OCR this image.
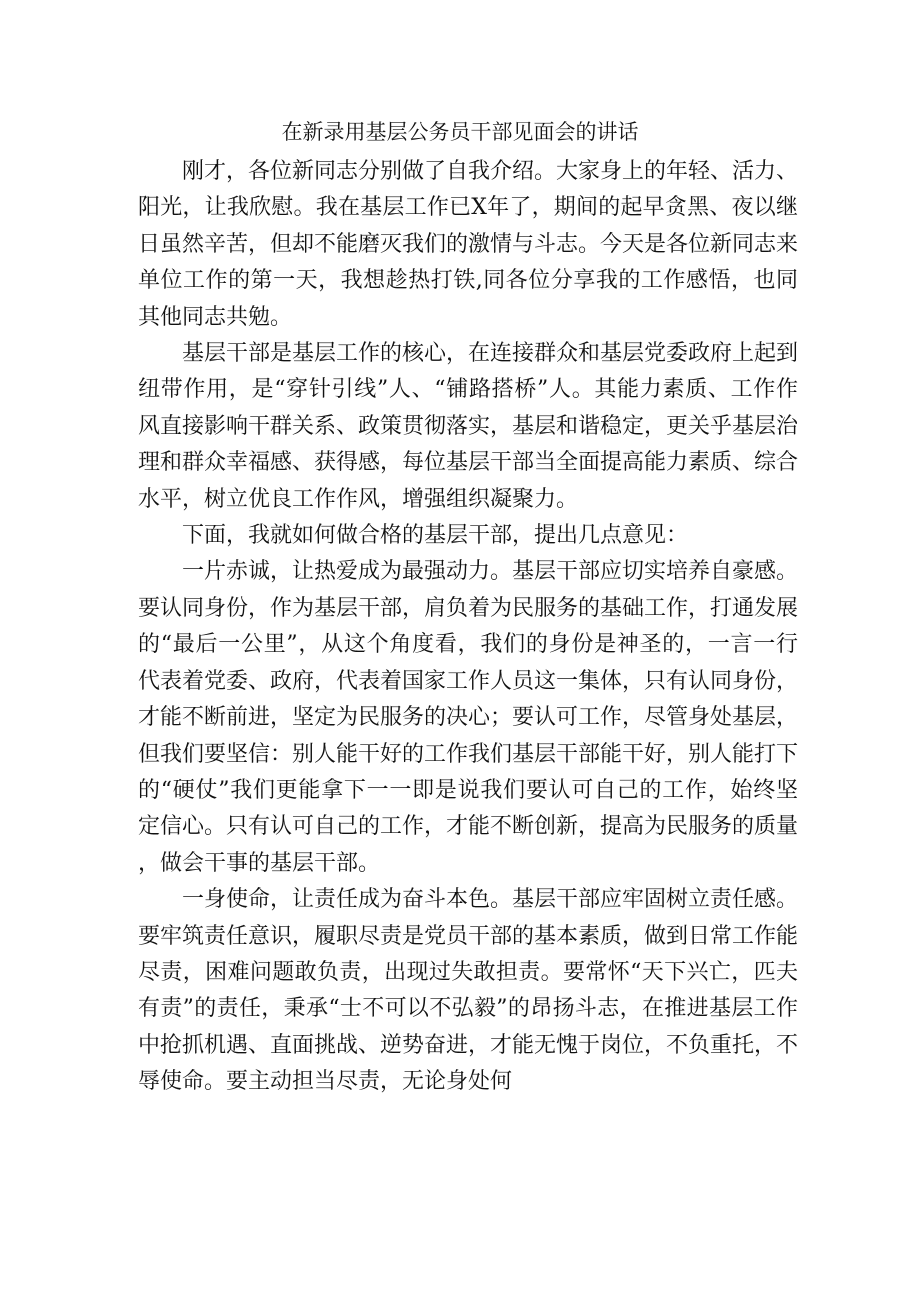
在新录用基层公务员干部见面会的讲话

刚才，各位新同志分别做了自我介绍。大家身上的年轻、活力、阳光，让我欣慰。我在基层工作已X年了，期间的起早贪黑、夜以继日虽然辛苦，但却不能磨灭我们的激情与斗志。今天是各位新同志来单位工作的第一天，我想趁热打铁,同各位分享我的工作感悟，也同其他同志共勉。

基层干部是基层工作的核心，在连接群众和基层党委政府上起到纽带作用，是“穿针引线”人、“铺路搭桥”人。其能力素质、工作作风直接影响干群关系、政策贯彻落实，基层和谐稳定，更关乎基层治理和群众幸福感、获得感，每位基层干部当全面提高能力素质、综合水平，树立优良工作作风，增强组织凝聚力。

下面，我就如何做合格的基层干部，提出几点意见：

一片赤诚，让热爱成为最强动力。基层干部应切实培养自豪感。要认同身份，作为基层干部，肩负着为民服务的基础工作，打通发展的“最后一公里”，从这个角度看，我们的身份是神圣的，一言一行代表着党委、政府，代表着国家工作人员这一集体，只有认同身份，才能不断前进，坚定为民服务的决心；要认可工作，尽管身处基层，但我们要坚信：别人能干好的工作我们基层干部能干好，别人能打下的“硬仗”我们更能拿下一一即是说我们要认可自己的工作，始终坚定信心。只有认可自己的工作，才能不断创新，提高为民服务的质量，做会干事的基层干部。

一身使命，让责任成为奋斗本色。基层干部应牢固树立责任感。要牢筑责任意识，履职尽责是党员干部的基本素质，做到日常工作能尽责，困难问题敢负责，出现过失敢担责。要常怀“天下兴亡，匹夫有责”的责任，秉承“士不可以不弘毅”的昂扬斗志，在推进基层工作中抢抓机遇、直面挑战、逆势奋进，才能无愧于岗位，不负重托，不辱使命。要主动担当尽责，无论身处何
